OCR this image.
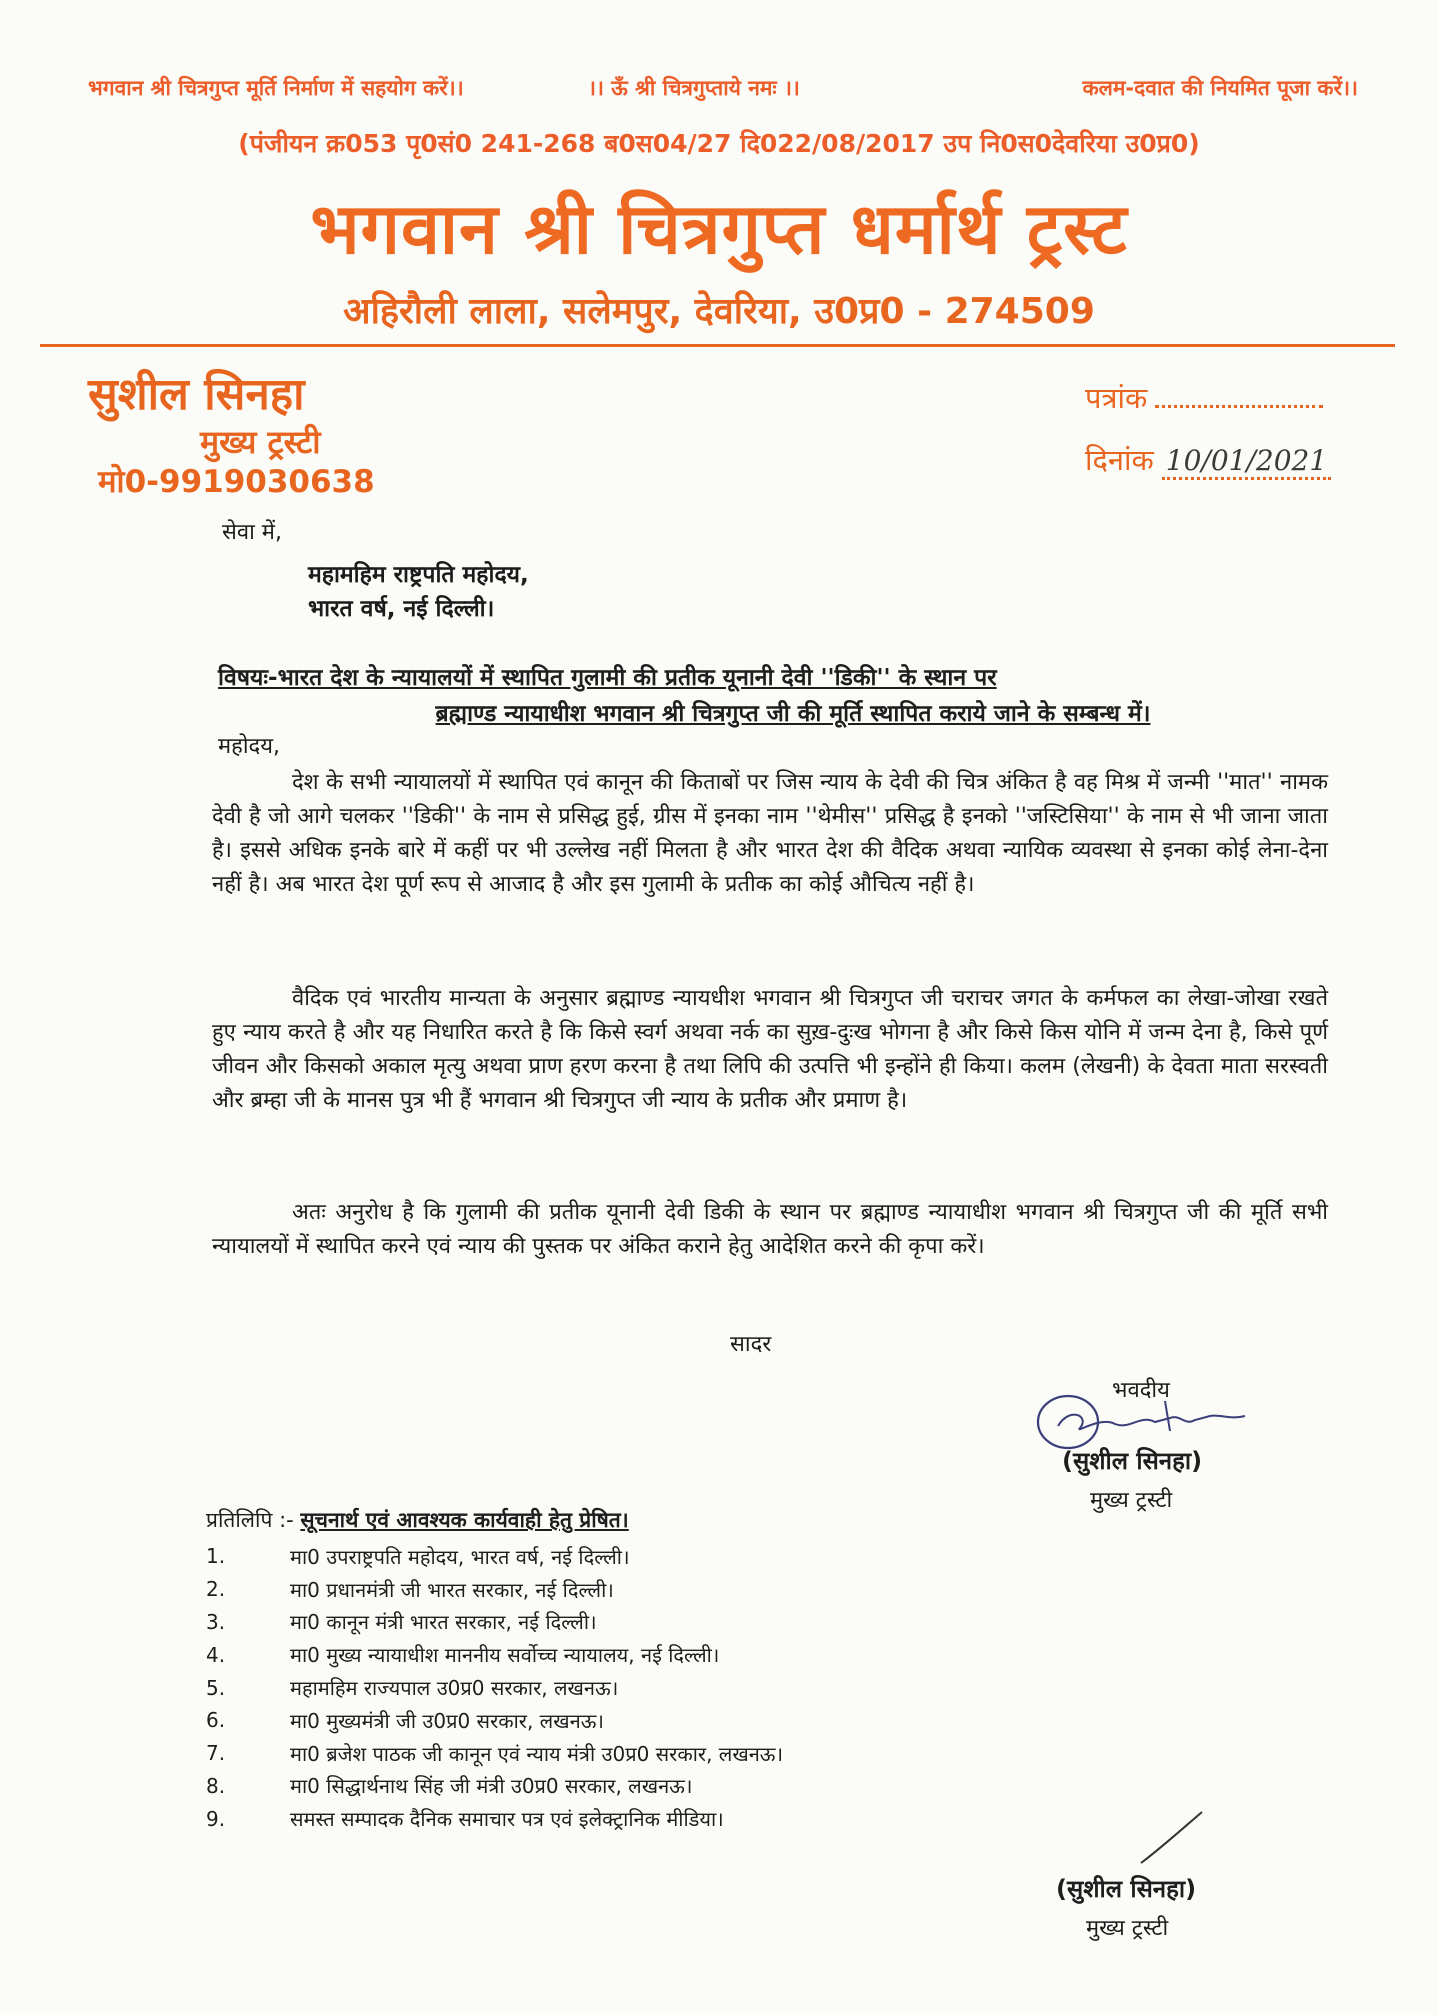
भगवान श्री चित्रगुप्त मूर्ति निर्माण में सहयोग करें।।	।। ऊँ श्री चित्रगुप्ताये नमः ।।	कलम-दवात की नियमित पूजा करें।।
(पंजीयन क्र053 पृ0सं0 241-268 ब0स04/27 दि022/08/2017 उप नि0स0देवरिया उ0प्र0)
भगवान श्री चित्रगुप्त धर्मार्थ ट्रस्ट
अहिरौली लाला, सलेमपुर, देवरिया, उ0प्र0 - 274509
सुशील सिनहा
मुख्य ट्रस्टी
मो0-9919030638
पत्रांक
दिनांक 10/01/2021
सेवा में,
महामहिम राष्ट्रपति महोदय,
भारत वर्ष, नई दिल्ली।
विषयः-भारत देश के न्यायालयों में स्थापित गुलामी की प्रतीक यूनानी देवी ''डिकी'' के स्थान पर
ब्रह्माण्ड न्यायाधीश भगवान श्री चित्रगुप्त जी की मूर्ति स्थापित कराये जाने के सम्बन्ध में।
महोदय,
देश के सभी न्यायालयों में स्थापित एवं कानून की किताबों पर जिस न्याय के देवी की चित्र अंकित है वह मिश्र में जन्मी ''मात'' नामक देवी है जो आगे चलकर ''डिकी'' के नाम से प्रसिद्ध हुई, ग्रीस में इनका नाम ''थेमीस'' प्रसिद्ध है इनको ''जस्टिसिया'' के नाम से भी जाना जाता है। इससे अधिक इनके बारे में कहीं पर भी उल्लेख नहीं मिलता है और भारत देश की वैदिक अथवा न्यायिक व्यवस्था से इनका कोई लेना-देना नहीं है। अब भारत देश पूर्ण रूप से आजाद है और इस गुलामी के प्रतीक का कोई औचित्य नहीं है।
वैदिक एवं भारतीय मान्यता के अनुसार ब्रह्माण्ड न्यायधीश भगवान श्री चित्रगुप्त जी चराचर जगत के कर्मफल का लेखा-जोखा रखते हुए न्याय करते है और यह निधारित करते है कि किसे स्वर्ग अथवा नर्क का सुख़-दुःख भोगना है और किसे किस योनि में जन्म देना है, किसे पूर्ण जीवन और किसको अकाल मृत्यु अथवा प्राण हरण करना है तथा लिपि की उत्पत्ति भी इन्होंने ही किया। कलम (लेखनी) के देवता माता सरस्वती और ब्रम्हा जी के मानस पुत्र भी हैं भगवान श्री चित्रगुप्त जी न्याय के प्रतीक और प्रमाण है।
अतः अनुरोध है कि गुलामी की प्रतीक यूनानी देवी डिकी के स्थान पर ब्रह्माण्ड न्यायाधीश भगवान श्री चित्रगुप्त जी की मूर्ति सभी न्यायालयों में स्थापित करने एवं न्याय की पुस्तक पर अंकित कराने हेतु आदेशित करने की कृपा करें।
सादर
भवदीय
(सुशील सिनहा)
मुख्य ट्रस्टी
प्रतिलिपि :- सूचनार्थ एवं आवश्यक कार्यवाही हेतु प्रेषित।
1.	मा0 उपराष्ट्रपति महोदय, भारत वर्ष, नई दिल्ली।
2.	मा0 प्रधानमंत्री जी भारत सरकार, नई दिल्ली।
3.	मा0 कानून मंत्री भारत सरकार, नई दिल्ली।
4.	मा0 मुख्य न्यायाधीश माननीय सर्वोच्च न्यायालय, नई दिल्ली।
5.	महामहिम राज्यपाल उ0प्र0 सरकार, लखनऊ।
6.	मा0 मुख्यमंत्री जी उ0प्र0 सरकार, लखनऊ।
7.	मा0 ब्रजेश पाठक जी कानून एवं न्याय मंत्री उ0प्र0 सरकार, लखनऊ।
8.	मा0 सिद्धार्थनाथ सिंह जी मंत्री उ0प्र0 सरकार, लखनऊ।
9.	समस्त सम्पादक दैनिक समाचार पत्र एवं इलेक्ट्रानिक मीडिया।
(सुशील सिनहा)
मुख्य ट्रस्टी
